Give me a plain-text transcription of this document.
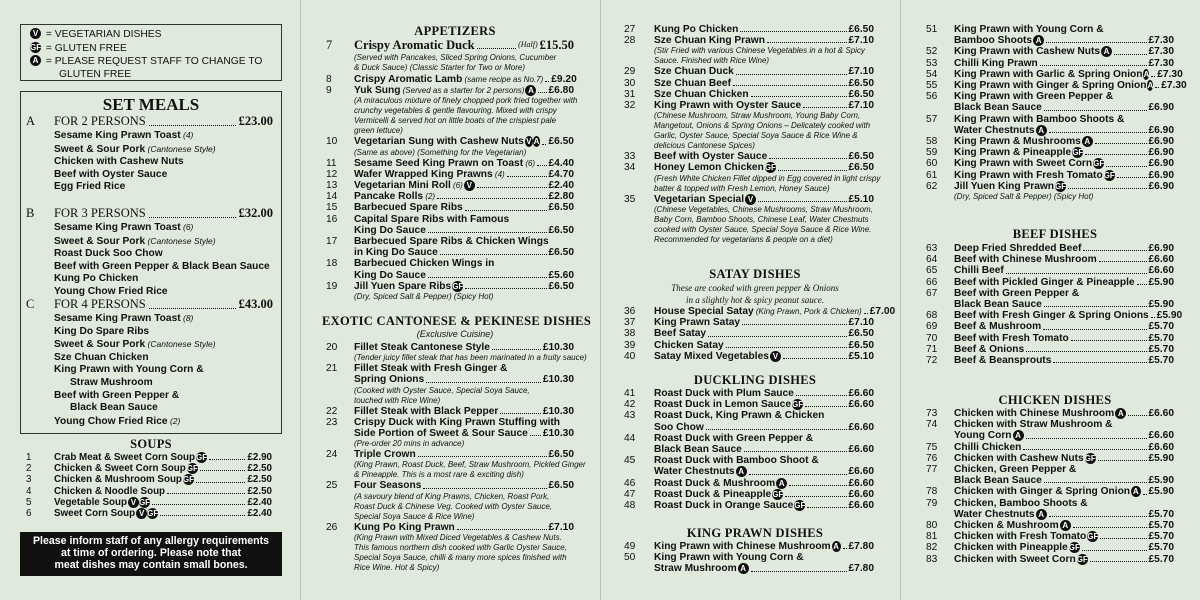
V = VEGETARIAN DISHES
GF = GLUTEN FREE
A = PLEASE REQUEST STAFF TO CHANGE TO
GLUTEN FREE
SET MEALS
A	FOR 2 PERSONS	£23.00
Sesame King Prawn Toast (4)
Sweet & Sour Pork (Cantonese Style)
Chicken with Cashew Nuts
Beef with Oyster Sauce
Egg Fried Rice
B	FOR 3 PERSONS	£32.00
Sesame King Prawn Toast (6)
Sweet & Sour Pork (Cantonese Style)
Roast Duck Soo Chow
Beef with Green Pepper & Black Bean Sauce
Kung Po Chicken
Young Chow Fried Rice
C	FOR 4 PERSONS	£43.00
Sesame King Prawn Toast (8)
King Do Spare Ribs
Sweet & Sour Pork (Cantonese Style)
Sze Chuan Chicken
King Prawn with Young Corn &
Straw Mushroom
Beef with Green Pepper &
Black Bean Sauce
Young Chow Fried Rice (2)
SOUPS
1	Crab Meat & Sweet Corn Soup GF	£2.90
2	Chicken & Sweet Corn Soup GF	£2.50
3	Chicken & Mushroom Soup GF	£2.50
4	Chicken & Noodle Soup	£2.50
5	Vegetable Soup V GF	£2.40
6	Sweet Corn Soup V GF	£2.40
Please inform staff of any allergy requirements
at time of ordering. Please note that
meat dishes may contain small bones.
APPETIZERS
7	Crispy Aromatic Duck	(Half) £15.50
(Served with Pancakes, Sliced Spring Onions, Cucumber
& Duck Sauce) (Classic Starter for Two or More)
8	Crispy Aromatic Lamb (same recipe as No.7) £9.20
9	Yuk Sung (Served as a starter for 2 persons) A £6.80
(A miraculous mixture of finely chopped pork fried together with
crunchy vegetables & gentle flavouring. Mixed with crispy
Vermicelli & served hot on little boats of the crispiest pale
green lettuce)
10	Vegetarian Sung with Cashew Nuts V A £6.50
(Same as above) (Something for the Vegetarian)
11	Sesame Seed King Prawn on Toast (6) £4.40
12	Wafer Wrapped King Prawns (4)	£4.70
13	Vegetarian Mini Roll (6) V	£2.40
14	Pancake Rolls (2)	£2.80
15	Barbecued Spare Ribs	£6.50
16	Capital Spare Ribs with Famous
King Do Sauce	£6.50
17	Barbecued Spare Ribs & Chicken Wings
in King Do Sauce	£6.50
18	Barbecued Chicken Wings in
King Do Sauce	£5.60
19	Jill Yuen Spare Ribs GF	£6.50
(Dry, Spiced Salt & Pepper) (Spicy Hot)
EXOTIC CANTONESE & PEKINESE DISHES
(Exclusive Cuisine)
20	Fillet Steak Cantonese Style	£10.30
(Tender juicy fillet steak that has been marinated in a fruity sauce)
21	Fillet Steak with Fresh Ginger &
Spring Onions	£10.30
(Cooked with Oyster Sauce, Special Soya Sauce,
touched with Rice Wine)
22	Fillet Steak with Black Pepper	£10.30
23	Crispy Duck with King Prawn Stuffing with
Side Portion of Sweet & Sour Sauce £10.30
(Pre-order 20 mins in advance)
24	Triple Crown	£6.50
(King Prawn, Roast Duck, Beef, Straw Mushroom, Pickled Ginger
& Pineapple. This is a most rare & exciting dish)
25	Four Seasons	£6.50
(A savoury blend of King Prawns, Chicken, Roast Pork,
Roast Duck & Chinese Veg. Cooked with Oyster Sauce,
Special Soya Sauce & Rice Wine)
26	Kung Po King Prawn	£7.10
(King Prawn with Mixed Diced Vegetables & Cashew Nuts.
This famous northern dish cooked with Garlic Oyster Sauce,
Special Soya Sauce, chilli & many more spices finished with
Rice Wine. Hot & Spicy)
27	Kung Po Chicken	£6.50
28	Sze Chuan King Prawn	£7.10
(Stir Fried with various Chinese Vegetables in a hot & Spicy
Sauce. Finished with Rice Wine)
29	Sze Chuan Duck	£7.10
30	Sze Chuan Beef	£6.50
31	Sze Chuan Chicken	£6.50
32	King Prawn with Oyster Sauce	£7.10
(Chinese Mushroom, Straw Mushroom, Young Baby Corn,
Mangetout, Onions & Spring Onions – Delicately cooked with
Garlic, Oyster Sauce, Special Soya Sauce & Rice Wine &
delicious Cantonese Spices)
33	Beef with Oyster Sauce	£6.50
34	Honey Lemon Chicken GF	£6.50
(Fresh White Chicken Fillet dipped in Egg covered in light crispy
batter & topped with Fresh Lemon, Honey Sauce)
35	Vegetarian Special V	£5.10
(Chinese Vegetables, Chinese Mushrooms, Straw Mushroom,
Baby Corn, Bamboo Shoots, Chinese Leaf, Water Chestnuts
cooked with Oyster Sauce, Special Soya Sauce & Rice Wine.
Recommended for vegetarians & people on a diet)
SATAY DISHES
These are cooked with green pepper & Onions
in a slightly hot & spicy peanut sauce.
36	House Special Satay (King Prawn, Pork & Chicken) £7.00
37	King Prawn Satay	£7.10
38	Beef Satay	£6.50
39	Chicken Satay	£6.50
40	Satay Mixed Vegetables V	£5.10
DUCKLING DISHES
41	Roast Duck with Plum Sauce	£6.60
42	Roast Duck in Lemon Sauce GF	£6.60
43	Roast Duck, King Prawn & Chicken
Soo Chow	£6.60
44	Roast Duck with Green Pepper &
Black Bean Sauce	£6.60
45	Roast Duck with Bamboo Shoot &
Water Chestnuts A	£6.60
46	Roast Duck & Mushroom A	£6.60
47	Roast Duck & Pineapple GF	£6.60
48	Roast Duck in Orange Sauce GF	£6.60
KING PRAWN DISHES
49	King Prawn with Chinese Mushroom A £7.80
50	King Prawn with Young Corn &
Straw Mushroom A	£7.80
51	King Prawn with Young Corn &
Bamboo Shoots A	£7.30
52	King Prawn with Cashew Nuts A	£7.30
53	Chilli King Prawn	£7.30
54	King Prawn with Garlic & Spring Onion A £7.30
55	King Prawn with Ginger & Spring Onion A £7.30
56	King Prawn with Green Pepper &
Black Bean Sauce	£6.90
57	King Prawn with Bamboo Shoots &
Water Chestnuts A	£6.90
58	King Prawn & Mushrooms A	£6.90
59	King Prawn & Pineapple GF	£6.90
60	King Prawn with Sweet Corn GF	£6.90
61	King Prawn with Fresh Tomato GF	£6.90
62	Jill Yuen King Prawn GF	£6.90
(Dry, Spiced Salt & Pepper) (Spicy Hot)
BEEF DISHES
63	Deep Fried Shredded Beef	£6.90
64	Beef with Chinese Mushroom	£6.60
65	Chilli Beef	£6.60
66	Beef with Pickled Ginger & Pineapple £5.90
67	Beef with Green Pepper &
Black Bean Sauce	£5.90
68	Beef with Fresh Ginger & Spring Onions £5.90
69	Beef & Mushroom	£5.70
70	Beef with Fresh Tomato	£5.70
71	Beef & Onions	£5.70
72	Beef & Beansprouts	£5.70
CHICKEN DISHES
73	Chicken with Chinese Mushroom A £6.60
74	Chicken with Straw Mushroom &
Young Corn A	£6.60
75	Chilli Chicken	£6.60
76	Chicken with Cashew Nuts GF	£5.90
77	Chicken, Green Pepper &
Black Bean Sauce	£5.90
78	Chicken with Ginger & Spring Onion A £5.90
79	Chicken, Bamboo Shoots &
Water Chestnuts A	£5.70
80	Chicken & Mushroom A	£5.70
81	Chicken with Fresh Tomato GF	£5.70
82	Chicken with Pineapple GF	£5.70
83	Chicken with Sweet Corn GF	£5.70
